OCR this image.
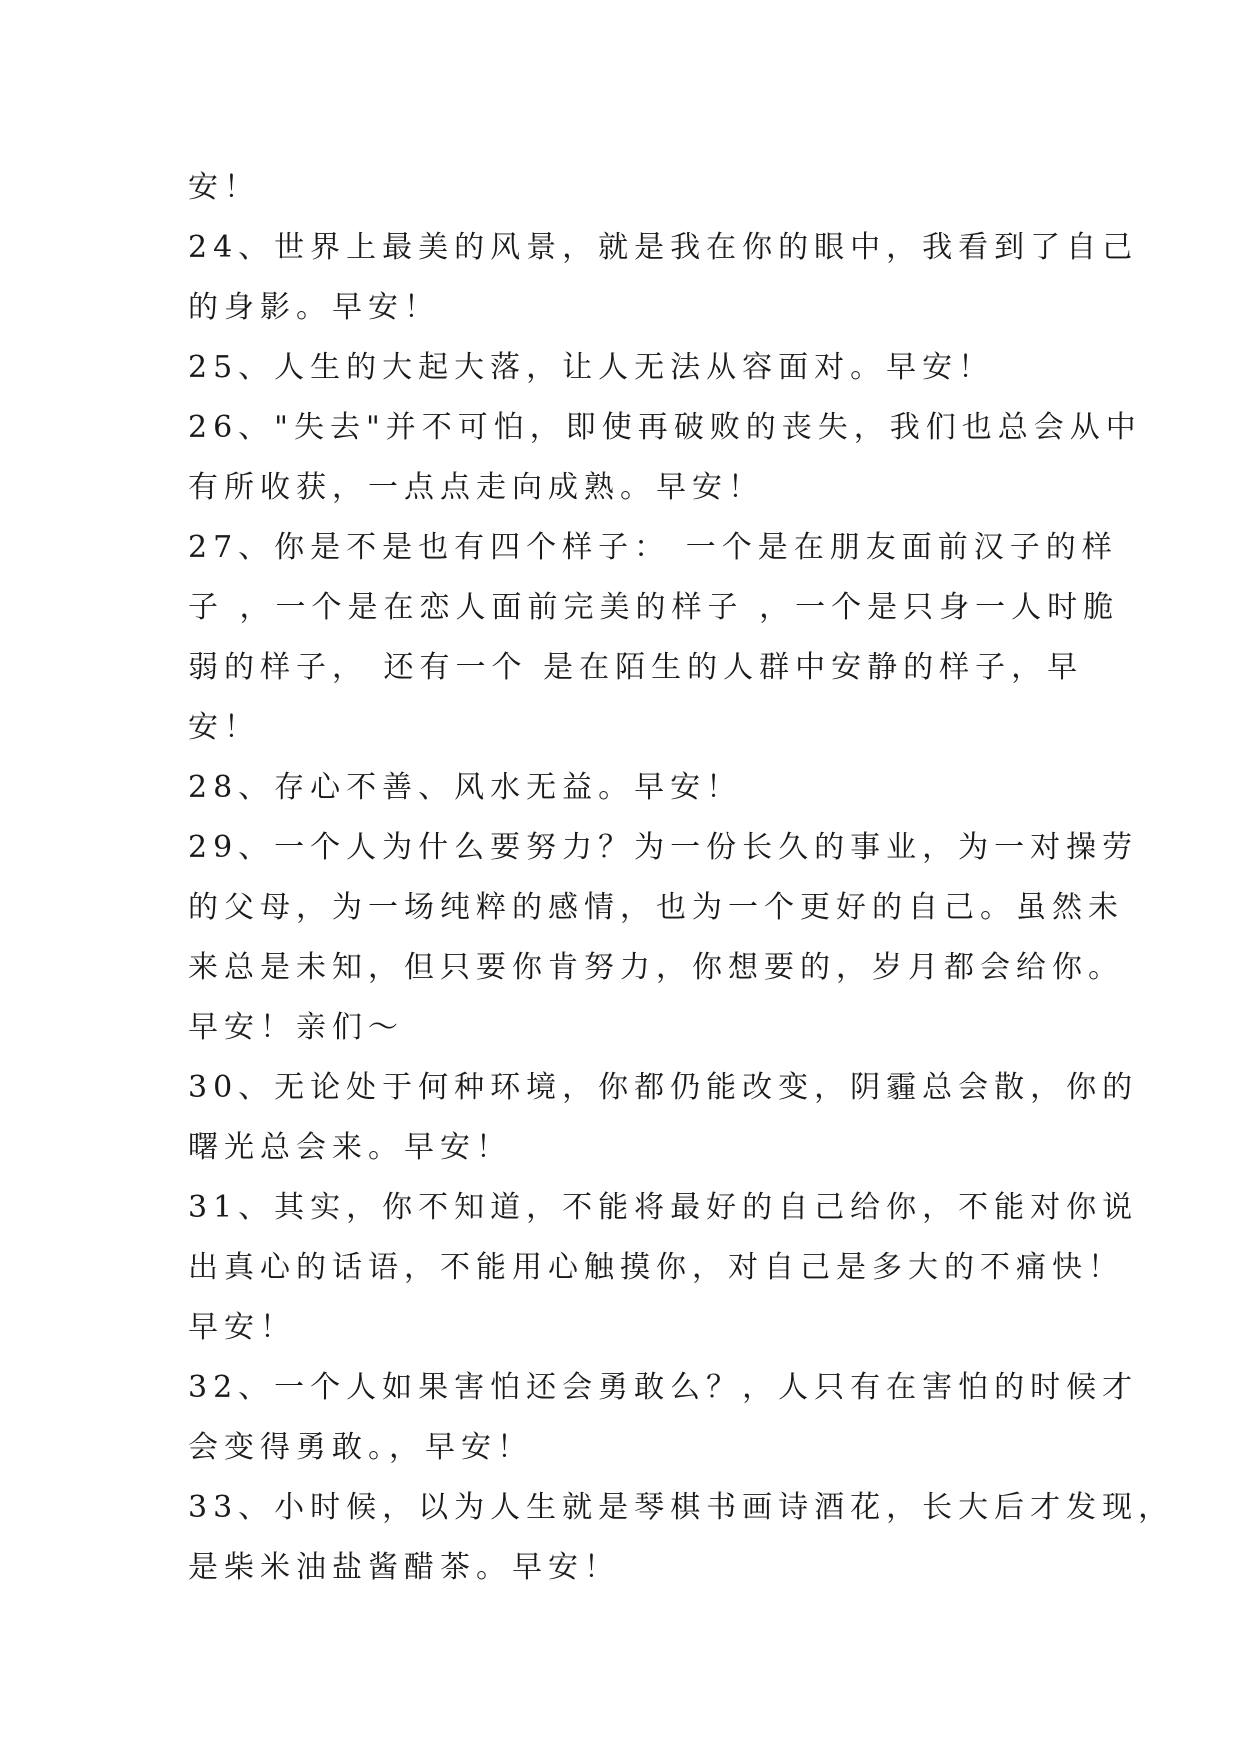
安！
24、世界上最美的风景，就是我在你的眼中，我看到了自己
的身影。早安！
25、人生的大起大落，让人无法从容面对。早安！
26、"失去"并不可怕，即使再破败的丧失，我们也总会从中
有所收获，一点点走向成熟。早安！
27、你是不是也有四个样子： 一个是在朋友面前汉子的样
子 ，一个是在恋人面前完美的样子 ，一个是只身一人时脆
弱的样子， 还有一个 是在陌生的人群中安静的样子，早
安！
28、存心不善、风水无益。早安！
29、一个人为什么要努力？为一份长久的事业，为一对操劳
的父母，为一场纯粹的感情，也为一个更好的自己。虽然未
来总是未知，但只要你肯努力，你想要的，岁月都会给你。
早安！亲们～
30、无论处于何种环境，你都仍能改变，阴霾总会散，你的
曙光总会来。早安！
31、其实，你不知道，不能将最好的自己给你，不能对你说
出真心的话语，不能用心触摸你，对自己是多大的不痛快！
早安！
32、一个人如果害怕还会勇敢么？，人只有在害怕的时候才
会变得勇敢。，早安！
33、小时候，以为人生就是琴棋书画诗酒花，长大后才发现，
是柴米油盐酱醋茶。早安！
